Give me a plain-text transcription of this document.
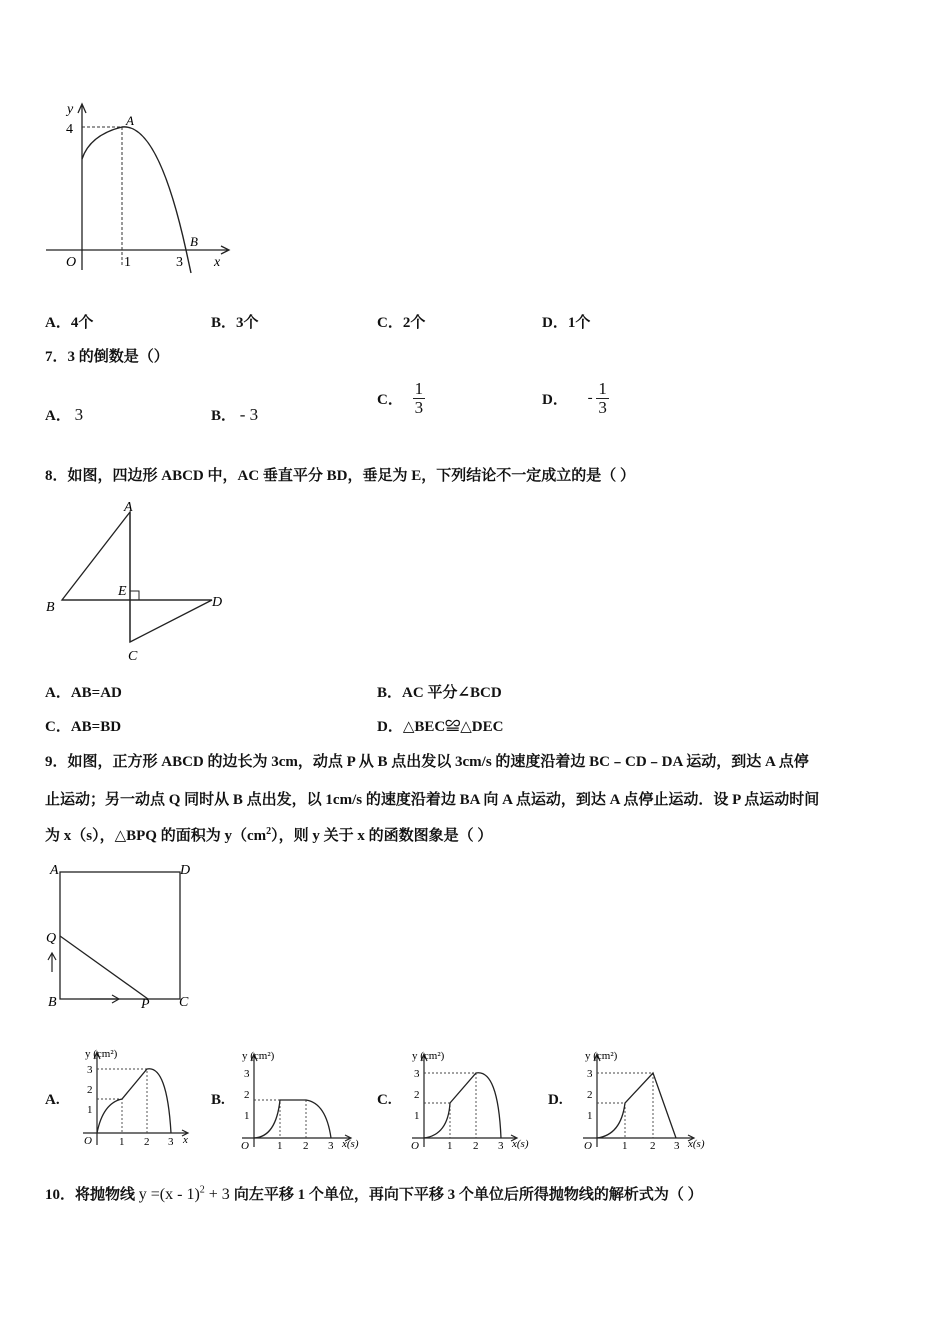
y
4
A
B
O	1	3 x
A．4个	B．3个	C．2个	D．1个
7．3 的倒数是（）
A． 3	B． - 3
C． $\frac{1}{3}$	D． - $\frac{1}{3}$
8．如图，四边形 ABCD 中，AC 垂直平分 BD，垂足为 E，下列结论不一定成立的是（ ）
A
B	D
C
E
A．AB=AD	B．AC 平分∠BCD
C．AB=BD	D．△BEC≌△DEC
9．如图，正方形 ABCD 的边长为 3cm，动点 P 从 B 点出发以 3cm/s 的速度沿着边 BC﹣CD﹣DA 运动，到达 A 点停
止运动；另一动点 Q 同时从 B 点出发，以 1cm/s 的速度沿着边 BA 向 A 点运动，到达 A 点停止运动．设 P 点运动时间
为 x（s），△BPQ 的面积为 $y(cm^2)$，则 y 关于 x 的函数图象是（ ）
A	D
Q
B	P C
A.
y (cm²)
3
2
1
O 1 2 3 x
B.
y (cm²)
3
2
1
O	1 2 3 x(s)
C.
y (cm²)
3
2
1
O	1 2 3 x(s)
D.
y (cm²)
3
2
1
O	1 2 3 x(s)
10．将抛物线 y =(x - 1)$^2$ + 3 向左平移 1 个单位，再向下平移 3 个单位后所得抛物线的解析式为（ ）
